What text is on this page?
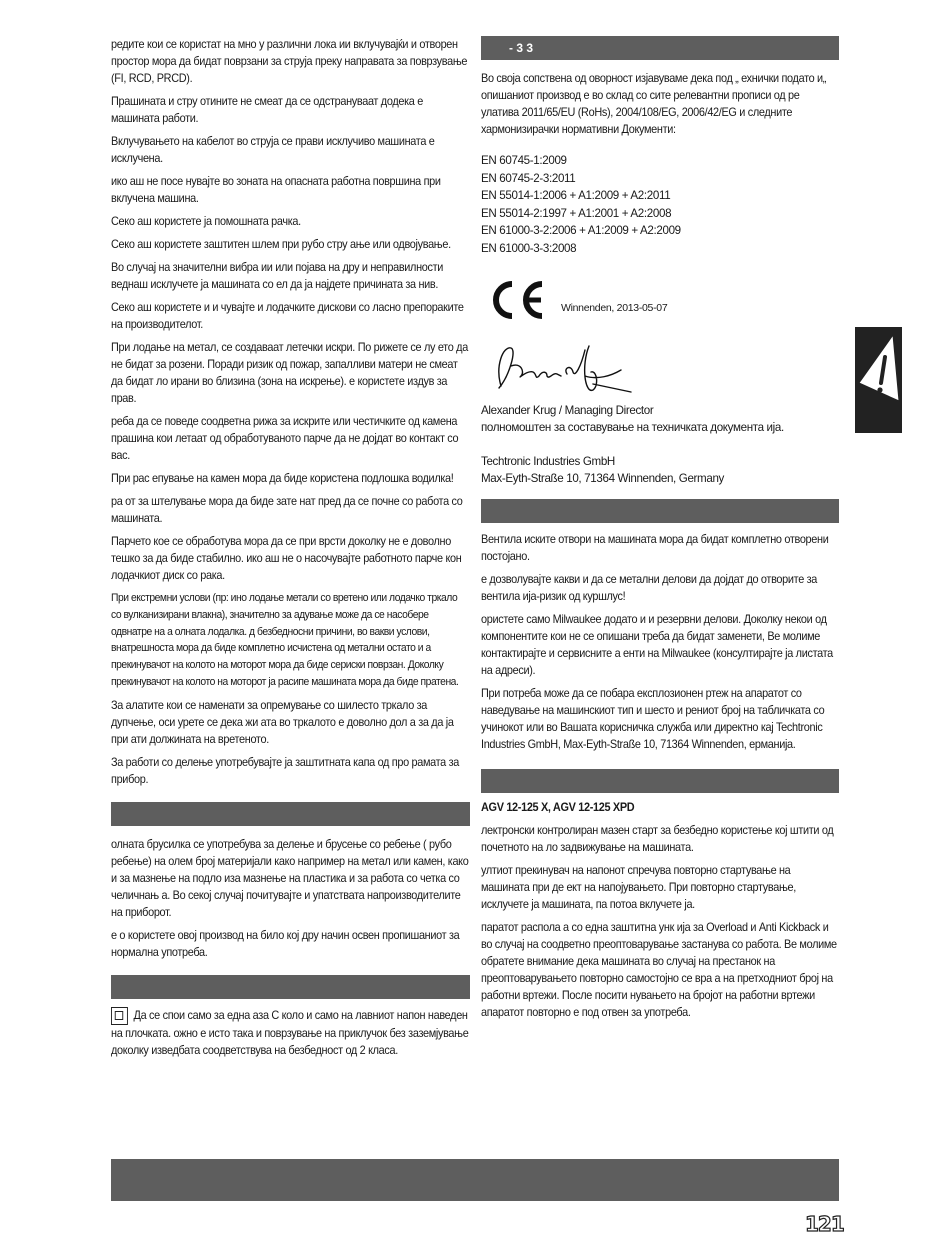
редите кои се користат на мно у различни лока ии вклучувајќи и отворен простор мора да бидат поврзани за струја преку направата за поврзување (FI, RCD, PRCD).

Прашината и стру отините не смеат да се одстрануваат додека е машината работи.

Вклучувањето на кабелот во струја се прави исклучиво машината е исклучена.

ико аш не посе нувајте во зоната на опасната работна површина при вклучена машина.

Секо аш користете ја помошната рачка.

Секо аш користете заштитен шлем при рубо стру ање или одвојување.

Во случај на значителни вибра ии или појава на дру и неправилности веднаш исклучете ја машината со ел да ја најдете причината за нив.

Секо аш користете и и чувајте и лодачките дискови со ласно препораките на производителот.

При лодање на метал, се создаваат летечки искри. По рижете се лу ето да не бидат за розени. Поради ризик од пожар, запалливи матери не смеат да бидат ло ирани во близина (зона на искрење). е користете издув за прав.

реба да се поведе соодветна рижа за искрите или честичките од камена прашина кои летаат од обработуваното парче да не дојдат во контакт со вас.

При рас епување на камен мора да биде користена подлошка водилка!

ра от за штелување мора да биде зате нат пред да се почне со работа со машината.

Парчето кое се обработува мора да се при врсти доколку не е доволно тешко за да биде стабилно. ико аш не о насочувајте работното парче кон лодачкиот диск со рака.

При екстремни услови (пр: ино лодање метали со вретено или лодачко тркало со вулканизирани влакна), значително за адување може да се насобере одвнатре на а олната лодалка. д безбедносни причини, во вакви услови, внатрешноста мора да биде комплетно исчистена од метални остато и а прекинувачот на колото на моторот мора да биде сериски поврзан. Доколку прекинувачот на колото на моторот ја расипе машината мора да биде пратена.

За алатите кои се наменати за опремување со шилесто тркало за дупчење, оси урете се дека жи ата во тркалото е доволно дол а за да ја при ати должината на вретеното.

За работи со делење употребувајте ја заштитната капа од про рамата за прибор.

олната брусилка се употребува за делење и брусење со ребење ( рубо ребење) на олем број материјали како например на метал или камен, како и за мазнење на подло иза мазнење на пластика и за работа со четка со челичнањ а. Во секој случај почитувајте и упатствата напроизводителите на приборот.

е о користете овој производ на било кој дру начин освен пропишаниот за нормална употреба.

Да се спои само за една аза С коло и само на лавниот напон наведен на плочката. ожно е исто така и поврзување на приклучок без заземјување доколку изведбата соодветствува на безбедност од 2 класа.

- 3 3

Во своја сопствена од оворност изјавуваме дека под „ ехнички подато и„ опишаниот производ е во склад со сите релевантни прописи од ре улатива 2011/65/EU (RoHs), 2004/108/EG, 2006/42/EG и следните хармонизирачки нормативни Документи:

EN 60745-1:2009
EN 60745-2-3:2011
EN 55014-1:2006 + A1:2009 + A2:2011
EN 55014-2:1997 + A1:2001 + A2:2008
EN 61000-3-2:2006 + A1:2009 + A2:2009
EN 61000-3-3:2008
Winnenden, 2013-05-07
Alexander Krug / Managing Director
полномоштен за составување на техничката документа ија.
Techtronic Industries GmbH
Max-Eyth-Straße 10, 71364 Winnenden, Germany

Вентила иските отвори на машината мора да бидат комплетно отворени постојано.

е дозволувајте какви и да се метални делови да дојдат до отворите за вентила ија-ризик од куршлус!

ористете само Milwaukee додато и и резервни делови. Доколку некои од компонентите кои не се опишани треба да бидат заменети, Ве молиме контактирајте и сервисните а енти на Milwaukee (консултирајте ја листата на адреси).

При потреба може да се побара експлозионен ртеж на апаратот со наведување на машинскиот тип и шесто и рениот број на табличката со учинокот или во Вашата корисничка служба или директно кај Techtronic Industries GmbH, Max-Eyth-Straße 10, 71364 Winnenden, ерманија.

AGV 12-125 X, AGV 12-125 XPD

лектронски контролиран мазен старт за безбедно користење кој штити од почетното на ло задвижување на машината.

ултиот прекинувач на напонот спречува повторно стартување на машината при де ект на напојувањето. При повторно стартување, исклучете ја машината, па потоа вклучете ја.

паратот распола а со една заштитна унк ија за Overload и Anti Kickback и во случај на соодветно преоптоварување застанува со работа. Ве молиме обратете внимание дека машината во случај на престанок на преоптоварувањето повторно самостојно се вра а на претходниот број на работни вртежи. После посити нувањето на бројот на работни вртежи апаратот повторно е под отвен за употреба.

121
